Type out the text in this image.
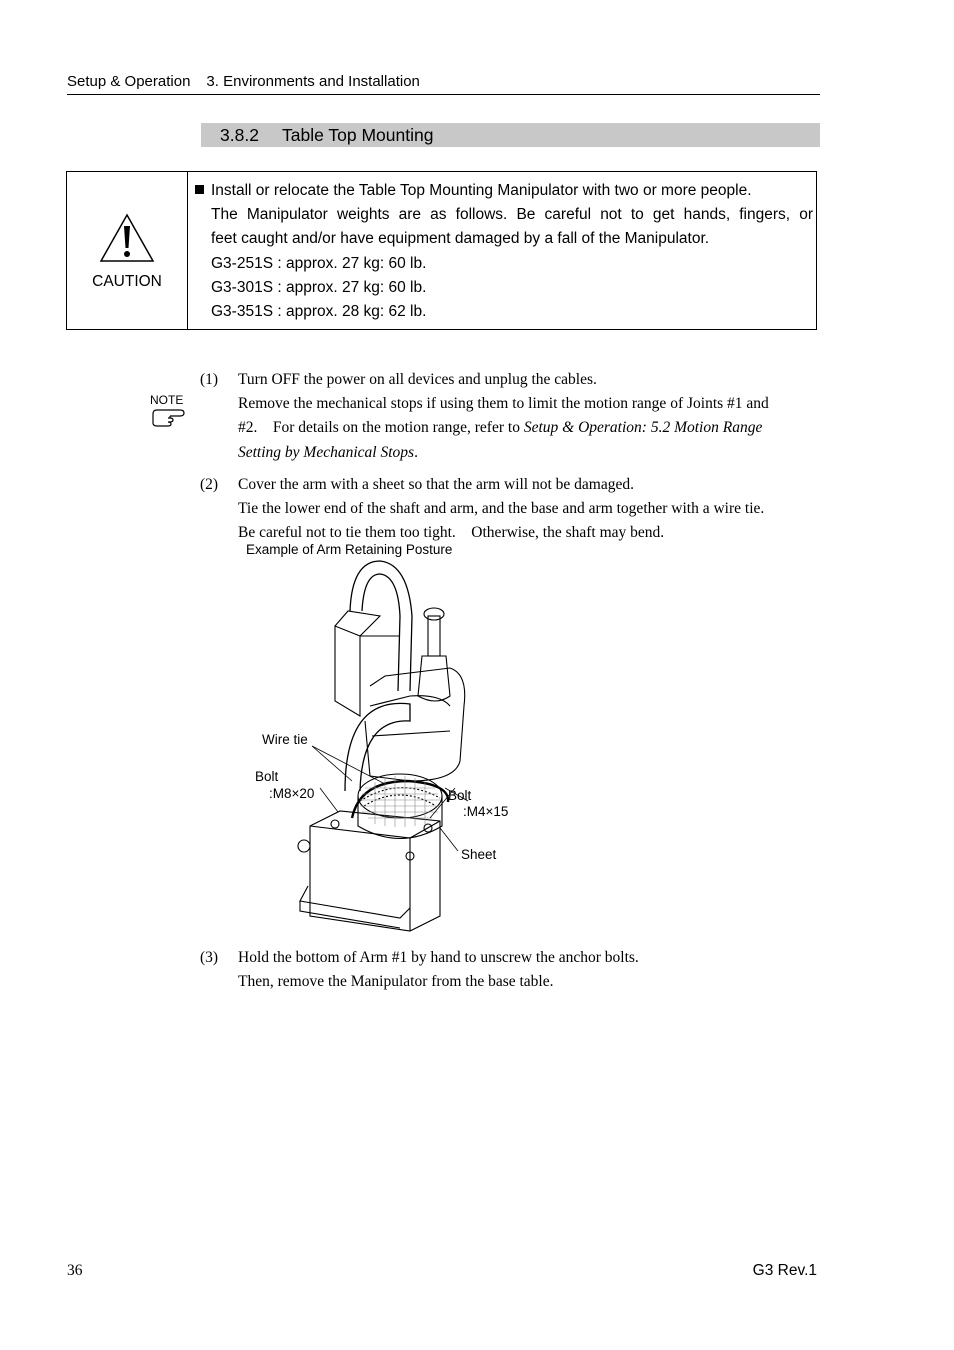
Setup & Operation 3. Environments and Installation
3.8.2 Table Top Mounting
CAUTION
Install or relocate the Table Top Mounting Manipulator with two or more people.
The Manipulator weights are as follows. Be careful not to get hands, fingers, or
feet caught and/or have equipment damaged by a fall of the Manipulator.
G3-251S : approx. 27 kg: 60 lb.
G3-301S : approx. 27 kg: 60 lb.
G3-351S : approx. 28 kg: 62 lb.
NOTE
(1) Turn OFF the power on all devices and unplug the cables.
Remove the mechanical stops if using them to limit the motion range of Joints #1 and
#2.　For details on the motion range, refer to Setup & Operation: 5.2 Motion Range
Setting by Mechanical Stops.
(2) Cover the arm with a sheet so that the arm will not be damaged.
Tie the lower end of the shaft and arm, and the base and arm together with a wire tie.
Be careful not to tie them too tight.　Otherwise, the shaft may bend.
Example of Arm Retaining Posture
Wire tie
Bolt
:M8×20	Bolt
:M4×15
Sheet
(3) Hold the bottom of Arm #1 by hand to unscrew the anchor bolts.
Then, remove the Manipulator from the base table.
36	G3 Rev.1
